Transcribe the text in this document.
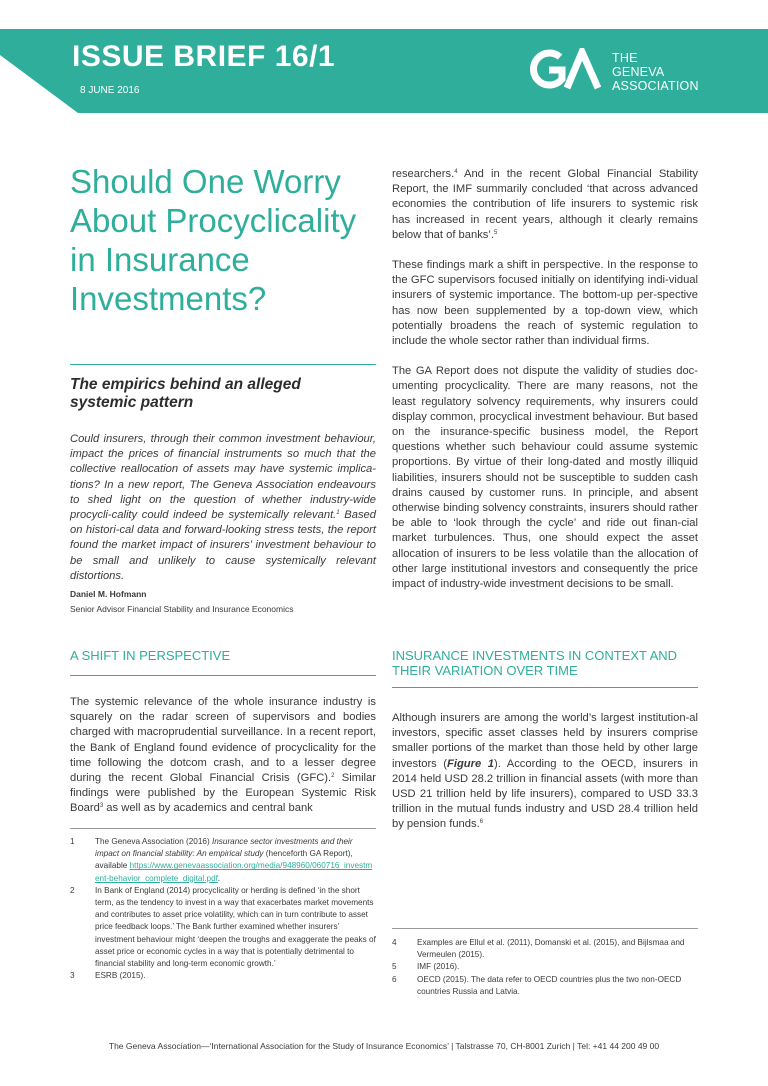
ISSUE BRIEF 16/1
8 JUNE 2016
THE
GENEVA
ASSOCIATION
Should One Worry About Procyclicality in Insurance Investments?
The empirics behind an alleged systemic pattern

Could insurers, through their common investment behaviour, impact the prices of financial instruments so much that the collective reallocation of assets may have systemic implica-tions? In a new report, The Geneva Association endeavours to shed light on the question of whether industry-wide procycli-cality could indeed be systemically relevant.$^1$ Based on histori-cal data and forward-looking stress tests, the report found the market impact of insurers’ investment behaviour to be small and unlikely to cause systemically relevant distortions.

Daniel M. Hofmann
Senior Advisor Financial Stability and Insurance Economics
A SHIFT IN PERSPECTIVE

The systemic relevance of the whole insurance industry is squarely on the radar screen of supervisors and bodies charged with macroprudential surveillance. In a recent report, the Bank of England found evidence of procyclicality for the time following the dotcom crash, and to a lesser degree during the recent Global Financial Crisis (GFC).$^2$ Similar findings were published by the European Systemic Risk Board$^3$ as well as by academics and central bank

1	The Geneva Association (2016) Insurance sector investments and their impact on financial stability: An empirical study (henceforth GA Report), available https://www.genevaassociation.org/media/948960/060716_investment-behavior_complete_digital.pdf.
2	In Bank of England (2014) procyclicality or herding is defined ‘in the short term, as the tendency to invest in a way that exacerbates market movements and contributes to asset price volatility, which can in turn contribute to asset price feedback loops.’ The Bank further examined whether insurers’ investment behaviour might ‘deepen the troughs and exaggerate the peaks of asset price or economic cycles in a way that is potentially detrimental to financial stability and long-term economic growth.’
3	ESRB (2015).

researchers.$^4$ And in the recent Global Financial Stability Report, the IMF summarily concluded ‘that across advanced economies the contribution of life insurers to systemic risk has increased in recent years, although it clearly remains below that of banks’.$^5$

These findings mark a shift in perspective. In the response to the GFC supervisors focused initially on identifying indi-vidual insurers of systemic importance. The bottom-up per-spective has now been supplemented by a top-down view, which potentially broadens the reach of systemic regulation to include the whole sector rather than individual firms.

The GA Report does not dispute the validity of studies doc-umenting procyclicality. There are many reasons, not the least regulatory solvency requirements, why insurers could display common, procyclical investment behaviour. But based on the insurance-specific business model, the Report questions whether such behaviour could assume systemic proportions. By virtue of their long-dated and mostly illiquid liabilities, insurers should not be susceptible to sudden cash drains caused by customer runs. In principle, and absent otherwise binding solvency constraints, insurers should rather be able to ‘look through the cycle’ and ride out finan-cial market turbulences. Thus, one should expect the asset allocation of insurers to be less volatile than the allocation of other large institutional investors and consequently the price impact of industry-wide investment decisions to be small.

INSURANCE INVESTMENTS IN CONTEXT AND THEIR VARIATION OVER TIME

Although insurers are among the world’s largest institution-al investors, specific asset classes held by insurers comprise smaller portions of the market than those held by other large investors (Figure 1). According to the OECD, insurers in 2014 held USD 28.2 trillion in financial assets (with more than USD 21 trillion held by life insurers), compared to USD 33.3 trillion in the mutual funds industry and USD 28.4 trillion held by pension funds.$^6$

4	Examples are Ellul et al. (2011), Domanski et al. (2015), and Bijlsmaa and Vermeulen (2015).
5	IMF (2016).
6	OECD (2015). The data refer to OECD countries plus the two non-OECD countries Russia and Latvia.
The Geneva Association—‘International Association for the Study of Insurance Economics’ | Talstrasse 70, CH-8001 Zurich | Tel: +41 44 200 49 00
